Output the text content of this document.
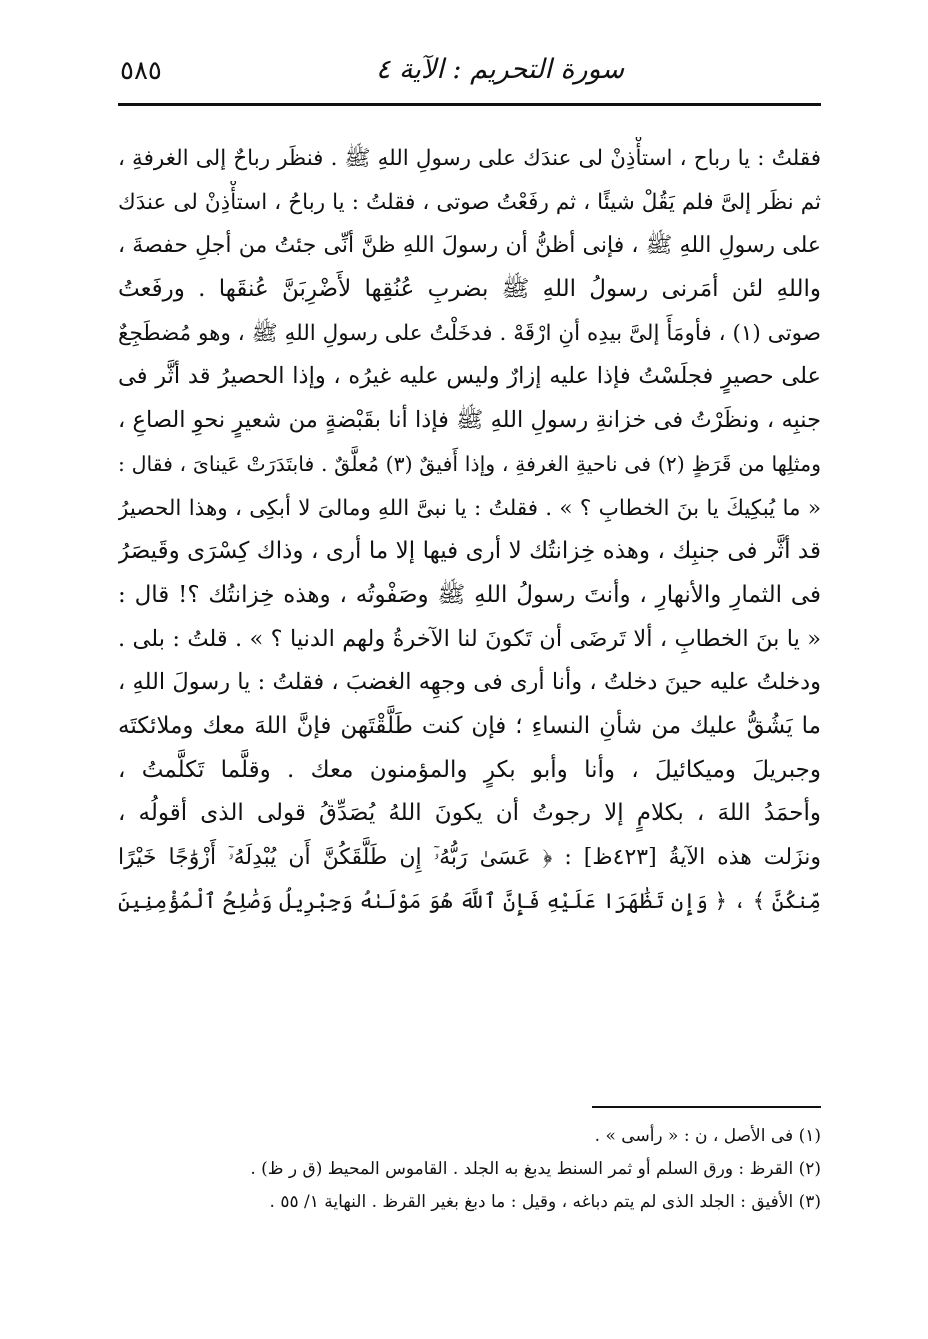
٥٨٥	سورة التحريم : الآية ٤
فقلتُ : يا رباح ، استأْذِنْ لى عندَك على رسولِ اللهِ ﷺ . فنظَر رباحٌ إلى الغرفةِ ،
ثم نظَر إلىَّ فلم يَقُلْ شيئًا ، ثم رفَعْتُ صوتى ، فقلتُ : يا رباحُ ، استأْذِنْ لى عندَك
على رسولِ اللهِ ﷺ ، فإنى أظنُّ أن رسولَ اللهِ ظنَّ أنِّى جئتُ من أجلِ حفصةَ ،
واللهِ لئن أمَرنى رسولُ اللهِ ﷺ بضربِ عُنُقِها لأَضْرِبَنَّ عُنقَها . ورفَعتُ
صوتى (١) ، فأومَأَ إلىَّ بيدِه أنِ ارْقَهْ . فدخَلْتُ على رسولِ اللهِ ﷺ ، وهو مُضطَجِعٌ
على حصيرٍ فجلَسْتُ فإذا عليه إزارٌ وليس عليه غيرُه ، وإذا الحصيرُ قد أثَّر فى
جنبِه ، ونظَرْتُ فى خزانةِ رسولِ اللهِ ﷺ فإذا أنا بقَبْضةٍ من شعيرٍ نحوِ الصاعِ ،
ومثلِها من قَرَظٍ (٢) فى ناحيةِ الغرفةِ ، وإذا أَفيقٌ (٣) مُعلَّقٌ . فابتَدَرَتْ عَيناىَ ، فقال :
« ما يُبكِيكَ يا بنَ الخطابِ ؟ » . فقلتُ : يا نبىَّ اللهِ ومالىَ لا أبكِى ، وهذا الحصيرُ
قد أثَّر فى جنبِك ، وهذه خِزانتُك لا أرى فيها إلا ما أرى ، وذاك كِسْرَى وقَيصَرُ
فى الثمارِ والأنهارِ ، وأنتَ رسولُ اللهِ ﷺ وصَفْوتُه ، وهذه خِزانتُك ؟! قال :
« يا بنَ الخطابِ ، ألا تَرضَى أن تَكونَ لنا الآخرةُ ولهم الدنيا ؟ » . قلتُ : بلى .
ودخلتُ عليه حينَ دخلتُ ، وأنا أرى فى وجهِه الغضبَ ، فقلتُ : يا رسولَ اللهِ ،
ما يَشُقُّ عليك من شأنِ النساءِ ؛ فإن كنت طَلَّقْتَهن فإنَّ اللهَ معك وملائكتَه
وجبريلَ وميكائيلَ ، وأنا وأبو بكرٍ والمؤمنون معك . وقلَّما تَكلَّمتُ ،
وأحمَدُ اللهَ ، بكلامٍ إلا رجوتُ أن يكونَ اللهُ يُصَدِّقُ قولى الذى أقولُه ،
ونزَلت هذه الآيةُ [٤٢٣ظ] : ﴿ عَسَىٰ رَبُّهُۥٓ إِن طَلَّقَكُنَّ أَن يُبْدِلَهُۥٓ أَزْوَٰجًا خَيْرًا
مِّنكُنَّ ﴾ ، ﴿ وَإِن تَظَٰهَرَا عَلَيْهِ فَإِنَّ ٱللَّهَ هُوَ مَوْلَىٰهُ وَجِبْرِيلُ وَصَٰلِحُ ٱلْمُؤْمِنِينَ
(١) فى الأصل ، ن : « رأسى » .
(٢) القرظ : ورق السلم أو ثمر السنط يدبغ به الجلد . القاموس المحيط (ق ر ظ) .
(٣) الأفيق : الجلد الذى لم يتم دباغه ، وقيل : ما دبغ بغير القرظ . النهاية ١/ ٥٥ .
